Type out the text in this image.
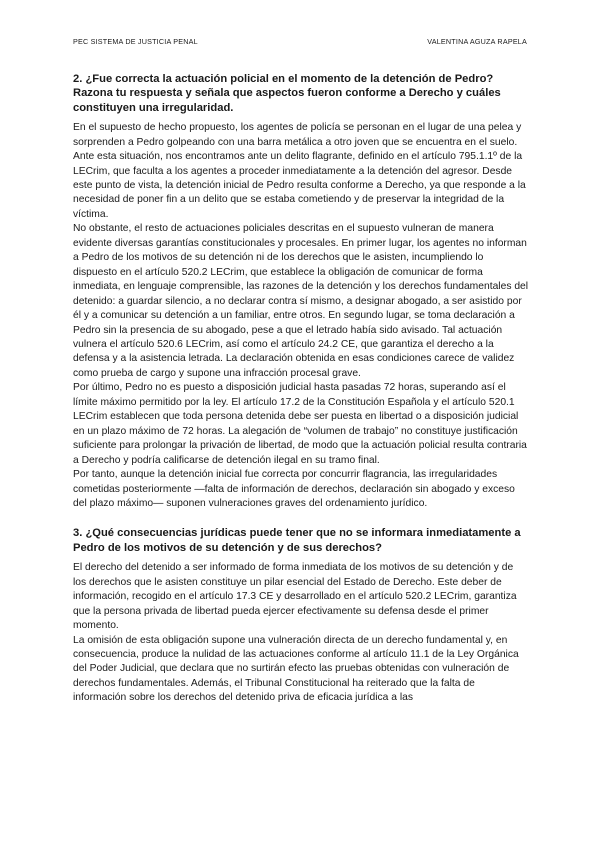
PEC SISTEMA DE JUSTICIA PENAL	VALENTINA AGUZA RAPELA

2. ¿Fue correcta la actuación policial en el momento de la detención de Pedro? Razona tu respuesta y señala que aspectos fueron conforme a Derecho y cuáles constituyen una irregularidad.

En el supuesto de hecho propuesto, los agentes de policía se personan en el lugar de una pelea y sorprenden a Pedro golpeando con una barra metálica a otro joven que se encuentra en el suelo. Ante esta situación, nos encontramos ante un delito flagrante, definido en el artículo 795.1.1º de la LECrim, que faculta a los agentes a proceder inmediatamente a la detención del agresor. Desde este punto de vista, la detención inicial de Pedro resulta conforme a Derecho, ya que responde a la necesidad de poner fin a un delito que se estaba cometiendo y de preservar la integridad de la víctima.

No obstante, el resto de actuaciones policiales descritas en el supuesto vulneran de manera evidente diversas garantías constitucionales y procesales. En primer lugar, los agentes no informan a Pedro de los motivos de su detención ni de los derechos que le asisten, incumpliendo lo dispuesto en el artículo 520.2 LECrim, que establece la obligación de comunicar de forma inmediata, en lenguaje comprensible, las razones de la detención y los derechos fundamentales del detenido: a guardar silencio, a no declarar contra sí mismo, a designar abogado, a ser asistido por él y a comunicar su detención a un familiar, entre otros. En segundo lugar, se toma declaración a Pedro sin la presencia de su abogado, pese a que el letrado había sido avisado. Tal actuación vulnera el artículo 520.6 LECrim, así como el artículo 24.2 CE, que garantiza el derecho a la defensa y a la asistencia letrada. La declaración obtenida en esas condiciones carece de validez como prueba de cargo y supone una infracción procesal grave.

Por último, Pedro no es puesto a disposición judicial hasta pasadas 72 horas, superando así el límite máximo permitido por la ley. El artículo 17.2 de la Constitución Española y el artículo 520.1 LECrim establecen que toda persona detenida debe ser puesta en libertad o a disposición judicial en un plazo máximo de 72 horas. La alegación de “volumen de trabajo” no constituye justificación suficiente para prolongar la privación de libertad, de modo que la actuación policial resulta contraria a Derecho y podría calificarse de detención ilegal en su tramo final.

Por tanto, aunque la detención inicial fue correcta por concurrir flagrancia, las irregularidades cometidas posteriormente —falta de información de derechos, declaración sin abogado y exceso del plazo máximo— suponen vulneraciones graves del ordenamiento jurídico.

3. ¿Qué consecuencias jurídicas puede tener que no se informara inmediatamente a Pedro de los motivos de su detención y de sus derechos?

El derecho del detenido a ser informado de forma inmediata de los motivos de su detención y de los derechos que le asisten constituye un pilar esencial del Estado de Derecho. Este deber de información, recogido en el artículo 17.3 CE y desarrollado en el artículo 520.2 LECrim, garantiza que la persona privada de libertad pueda ejercer efectivamente su defensa desde el primer momento.

La omisión de esta obligación supone una vulneración directa de un derecho fundamental y, en consecuencia, produce la nulidad de las actuaciones conforme al artículo 11.1 de la Ley Orgánica del Poder Judicial, que declara que no surtirán efecto las pruebas obtenidas con vulneración de derechos fundamentales. Además, el Tribunal Constitucional ha reiterado que la falta de información sobre los derechos del detenido priva de eficacia jurídica a las
